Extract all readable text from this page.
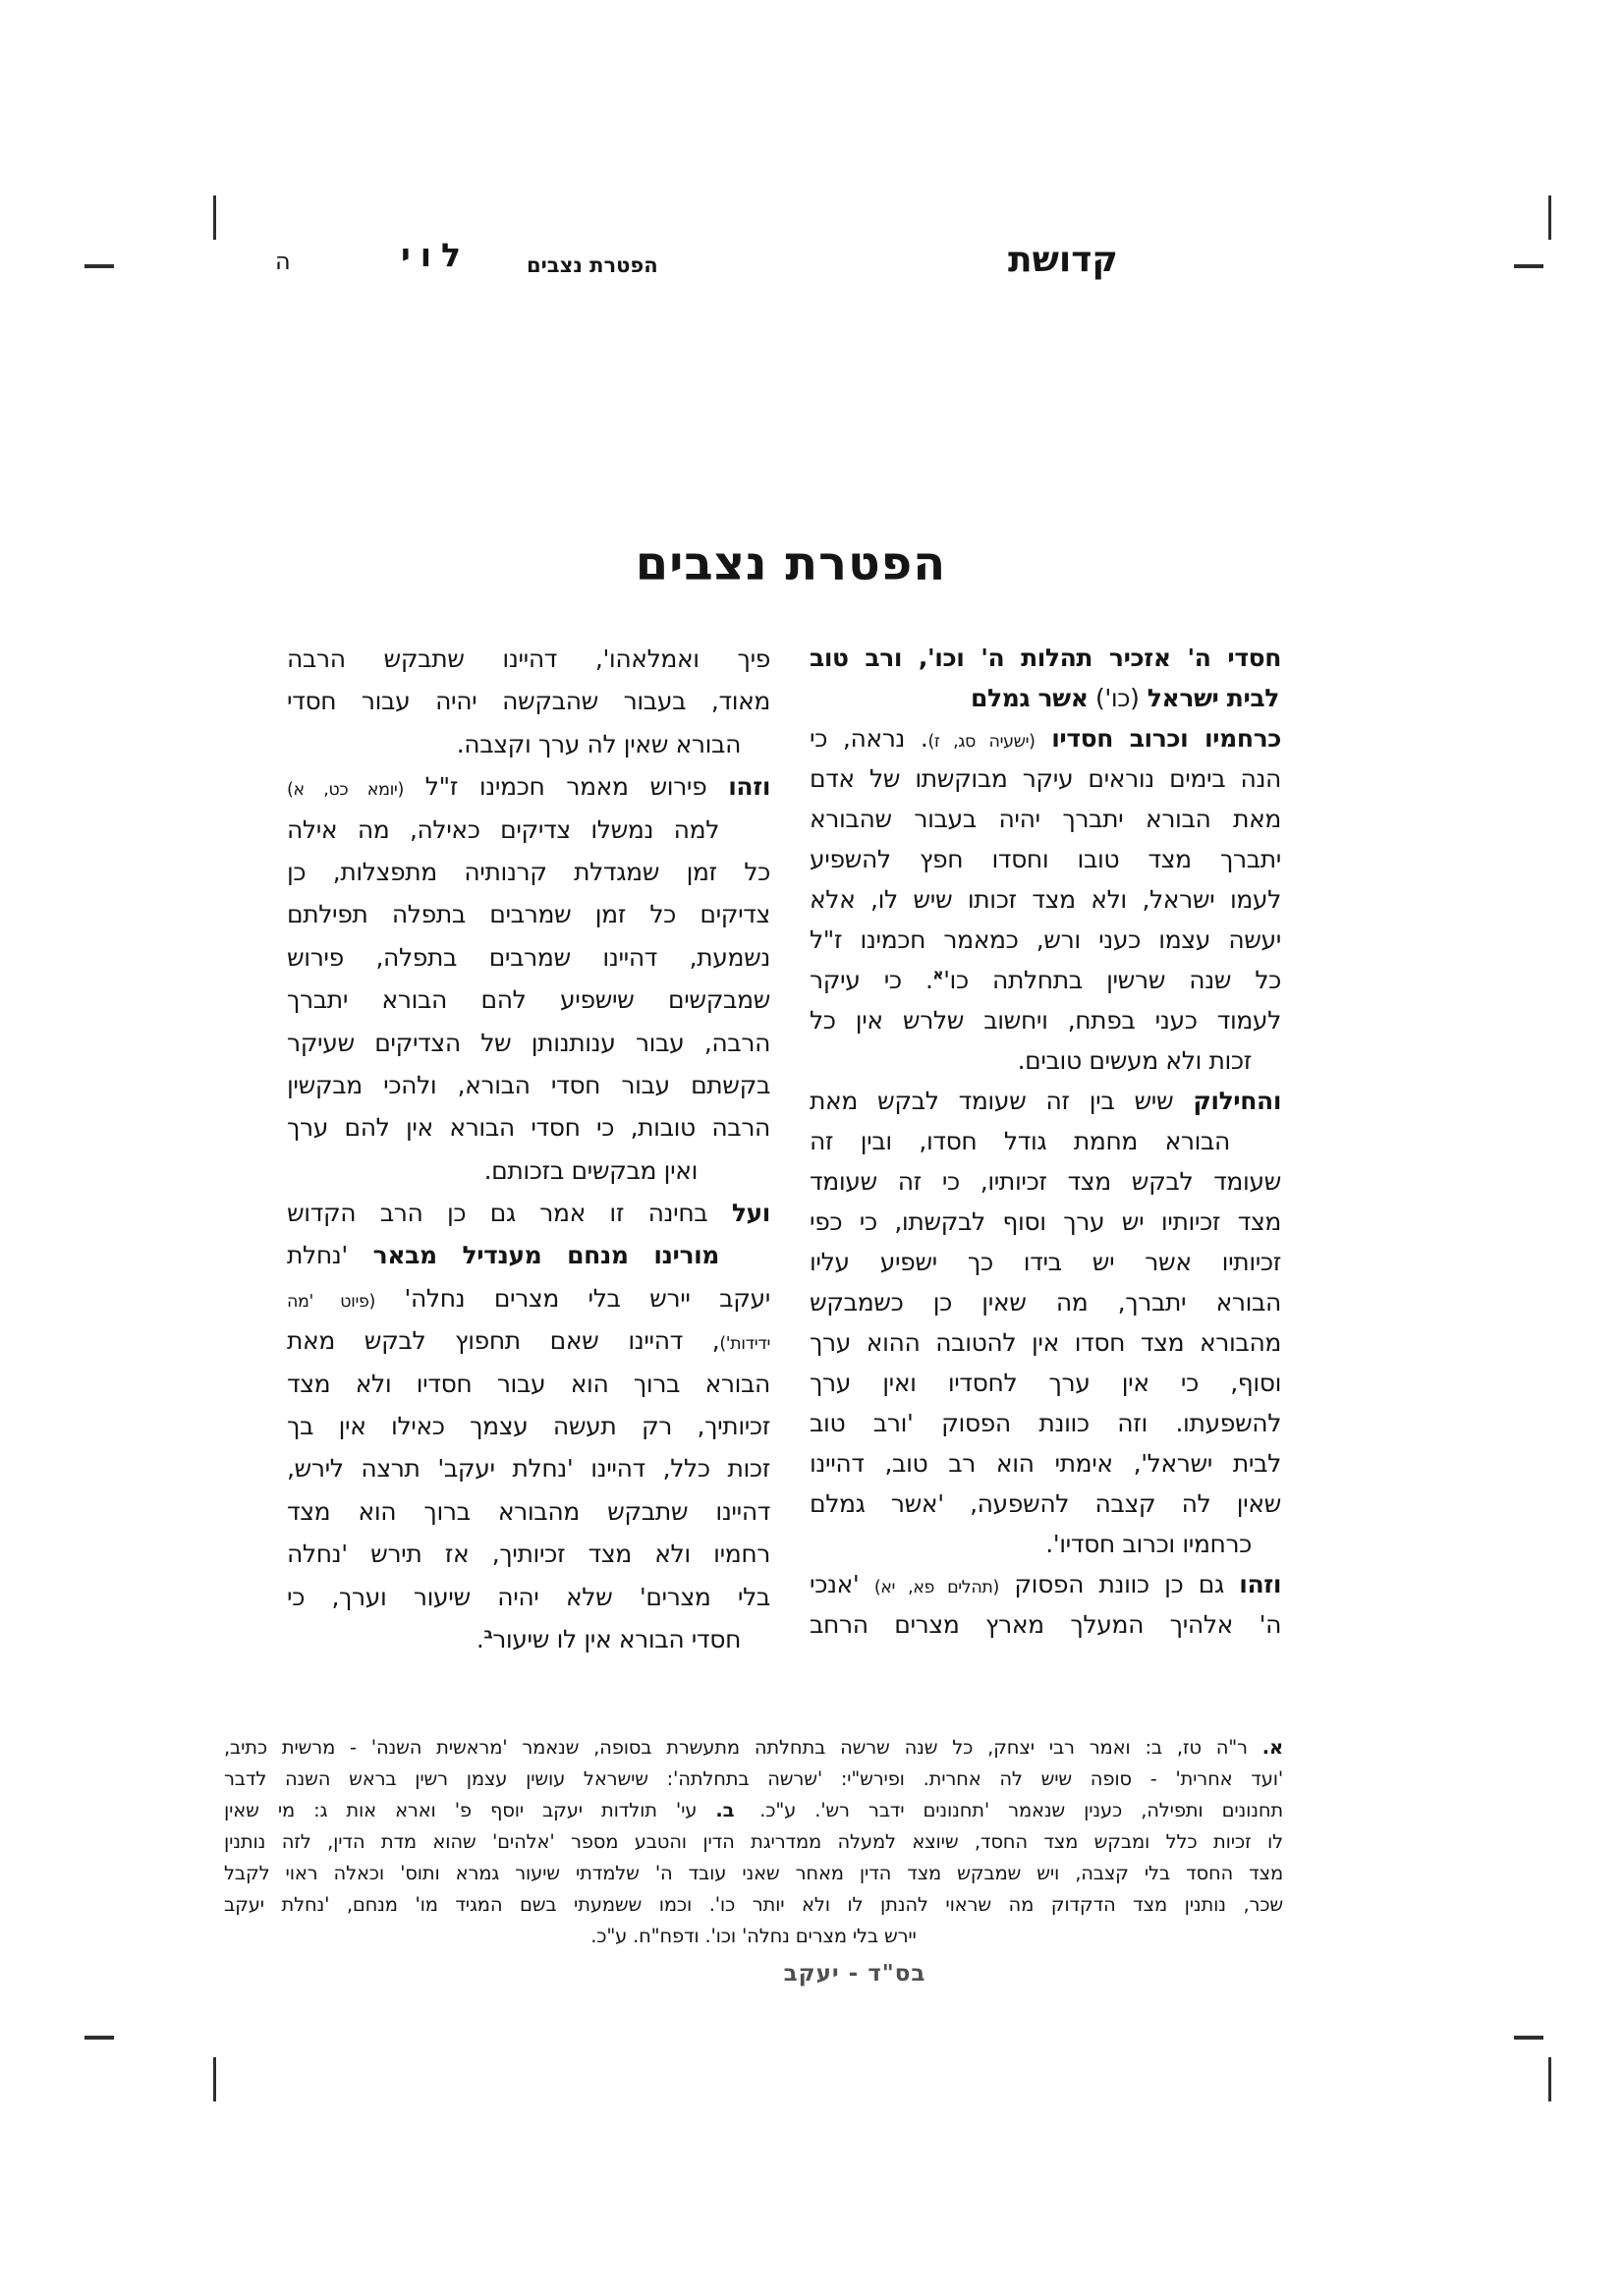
קדושת
הפטרת נצבים
לוי
ה
הפטרת נצבים
חסדי ה' אזכיר תהלות ה' וכו', ורב טוב
לבית ישראל (כו') אשר גמלם
כרחמיו וכרוב חסדיו (ישעיה סג, ז). נראה, כי
הנה בימים נוראים עיקר מבוקשתו של אדם
מאת הבורא יתברך יהיה בעבור שהבורא
יתברך מצד טובו וחסדו חפץ להשפיע
לעמו ישראל, ולא מצד זכותו שיש לו, אלא
יעשה עצמו כעני ורש, כמאמר חכמינו ז"ל
כל שנה שרשין בתחלתה כו'$^א$. כי עיקר
לעמוד כעני בפתח, ויחשוב שלרש אין כל
זכות ולא מעשים טובים.
והחילוק שיש בין זה שעומד לבקש מאת
הבורא מחמת גודל חסדו, ובין זה
שעומד לבקש מצד זכיותיו, כי זה שעומד
מצד זכיותיו יש ערך וסוף לבקשתו, כי כפי
זכיותיו אשר יש בידו כך ישפיע עליו
הבורא יתברך, מה שאין כן כשמבקש
מהבורא מצד חסדו אין להטובה ההוא ערך
וסוף, כי אין ערך לחסדיו ואין ערך
להשפעתו. וזה כוונת הפסוק 'ורב טוב
לבית ישראל', אימתי הוא רב טוב, דהיינו
שאין לה קצבה להשפעה, 'אשר גמלם
כרחמיו וכרוב חסדיו'.
וזהו גם כן כוונת הפסוק (תהלים פא, יא) 'אנכי
ה' אלהיך המעלך מארץ מצרים הרחב
פיך ואמלאהו', דהיינו שתבקש הרבה
מאוד, בעבור שהבקשה יהיה עבור חסדי
הבורא שאין לה ערך וקצבה.
וזהו פירוש מאמר חכמינו ז"ל (יומא כט, א)
למה נמשלו צדיקים כאילה, מה אילה
כל זמן שמגדלת קרנותיה מתפצלות, כן
צדיקים כל זמן שמרבים בתפלה תפילתם
נשמעת, דהיינו שמרבים בתפלה, פירוש
שמבקשים שישפיע להם הבורא יתברך
הרבה, עבור ענותנותן של הצדיקים שעיקר
בקשתם עבור חסדי הבורא, ולהכי מבקשין
הרבה טובות, כי חסדי הבורא אין להם ערך
ואין מבקשים בזכותם.
ועל בחינה זו אמר גם כן הרב הקדוש
מורינו מנחם מענדיל מבאר 'נחלת
יעקב יירש בלי מצרים נחלה' (פיוט 'מה
ידידות'), דהיינו שאם תחפוץ לבקש מאת
הבורא ברוך הוא עבור חסדיו ולא מצד
זכיותיך, רק תעשה עצמך כאילו אין בך
זכות כלל, דהיינו 'נחלת יעקב' תרצה לירש,
דהיינו שתבקש מהבורא ברוך הוא מצד
רחמיו ולא מצד זכיותיך, אז תירש 'נחלה
בלי מצרים' שלא יהיה שיעור וערך, כי
חסדי הבורא אין לו שיעור$^ב$.
א. ר"ה טז, ב: ואמר רבי יצחק, כל שנה שרשה בתחלתה מתעשרת בסופה, שנאמר 'מראשית השנה' - מרשית כתיב,
'ועד אחרית' - סופה שיש לה אחרית. ופירש"י: 'שרשה בתחלתה': שישראל עושין עצמן רשין בראש השנה לדבר
תחנונים ותפילה, כענין שנאמר 'תחנונים ידבר רש'. ע"כ.ב. עי' תולדות יעקב יוסף פ' וארא אות ג: מי שאין
לו זכיות כלל ומבקש מצד החסד, שיוצא למעלה ממדריגת הדין והטבע מספר 'אלהים' שהוא מדת הדין, לזה נותנין
מצד החסד בלי קצבה, ויש שמבקש מצד הדין מאחר שאני עובד ה' שלמדתי שיעור גמרא ותוס' וכאלה ראוי לקבל
שכר, נותנין מצד הדקדוק מה שראוי להנתן לו ולא יותר כו'. וכמו ששמעתי בשם המגיד מו' מנחם, 'נחלת יעקב
יירש בלי מצרים נחלה' וכו'. ודפח"ח. ע"כ.
בס"ד - יעקב
